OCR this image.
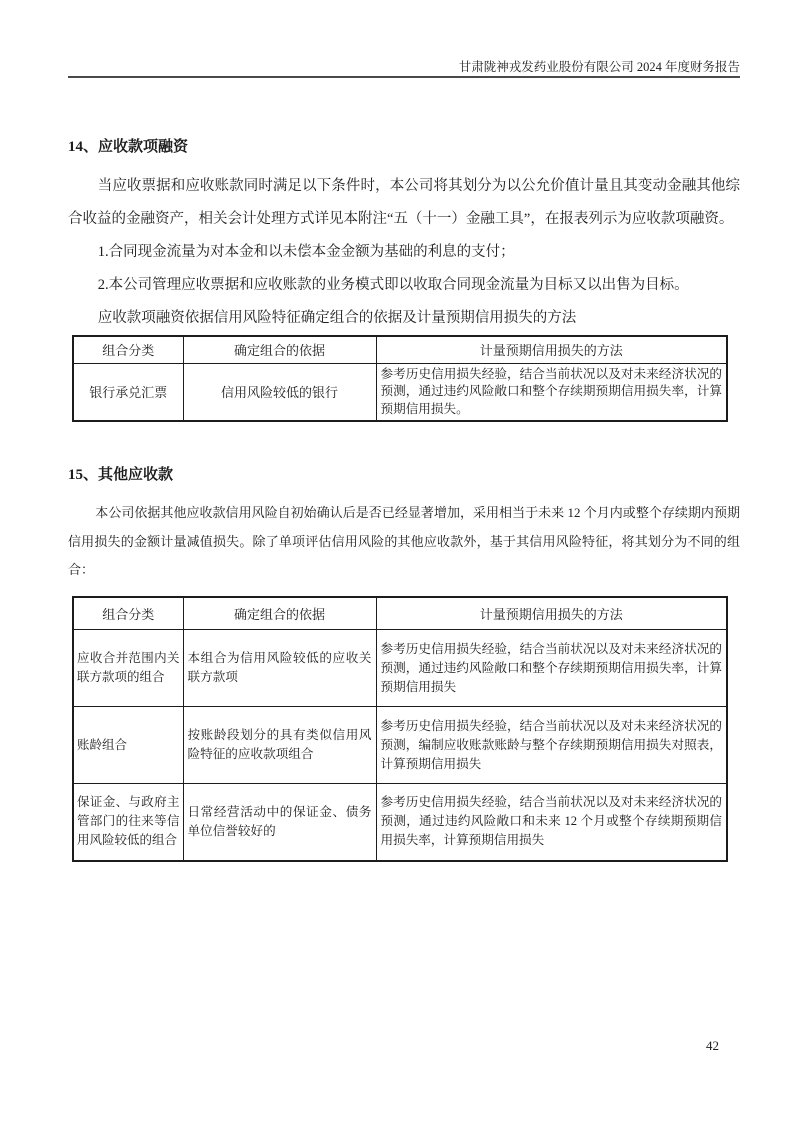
甘肃陇神戎发药业股份有限公司 2024 年度财务报告
14、应收款项融资

当应收票据和应收账款同时满足以下条件时，本公司将其划分为以公允价值计量且其变动金融其他综合收益的金融资产，相关会计处理方式详见本附注“五（十一）金融工具”，在报表列示为应收款项融资。

1.合同现金流量为对本金和以未偿本金金额为基础的利息的支付；

2.本公司管理应收票据和应收账款的业务模式即以收取合同现金流量为目标又以出售为目标。

应收款项融资依据信用风险特征确定组合的依据及计量预期信用损失的方法

组合分类	确定组合的依据	计量预期信用损失的方法
银行承兑汇票	信用风险较低的银行	参考历史信用损失经验，结合当前状况以及对未来经济状况的预测，通过违约风险敞口和整个存续期预期信用损失率，计算预期信用损失。
15、其他应收款

本公司依据其他应收款信用风险自初始确认后是否已经显著增加，采用相当于未来 12 个月内或整个存续期内预期信用损失的金额计量减值损失。除了单项评估信用风险的其他应收款外，基于其信用风险特征，将其划分为不同的组合：

组合分类	确定组合的依据	计量预期信用损失的方法
应收合并范围内关联方款项的组合	本组合为信用风险较低的应收关联方款项	参考历史信用损失经验，结合当前状况以及对未来经济状况的预测，通过违约风险敞口和整个存续期预期信用损失率，计算预期信用损失
账龄组合	按账龄段划分的具有类似信用风险特征的应收款项组合	参考历史信用损失经验，结合当前状况以及对未来经济状况的预测，编制应收账款账龄与整个存续期预期信用损失对照表，计算预期信用损失
保证金、与政府主管部门的往来等信用风险较低的组合	日常经营活动中的保证金、债务单位信誉较好的	参考历史信用损失经验，结合当前状况以及对未来经济状况的预测，通过违约风险敞口和未来 12 个月或整个存续期预期信用损失率，计算预期信用损失
42
